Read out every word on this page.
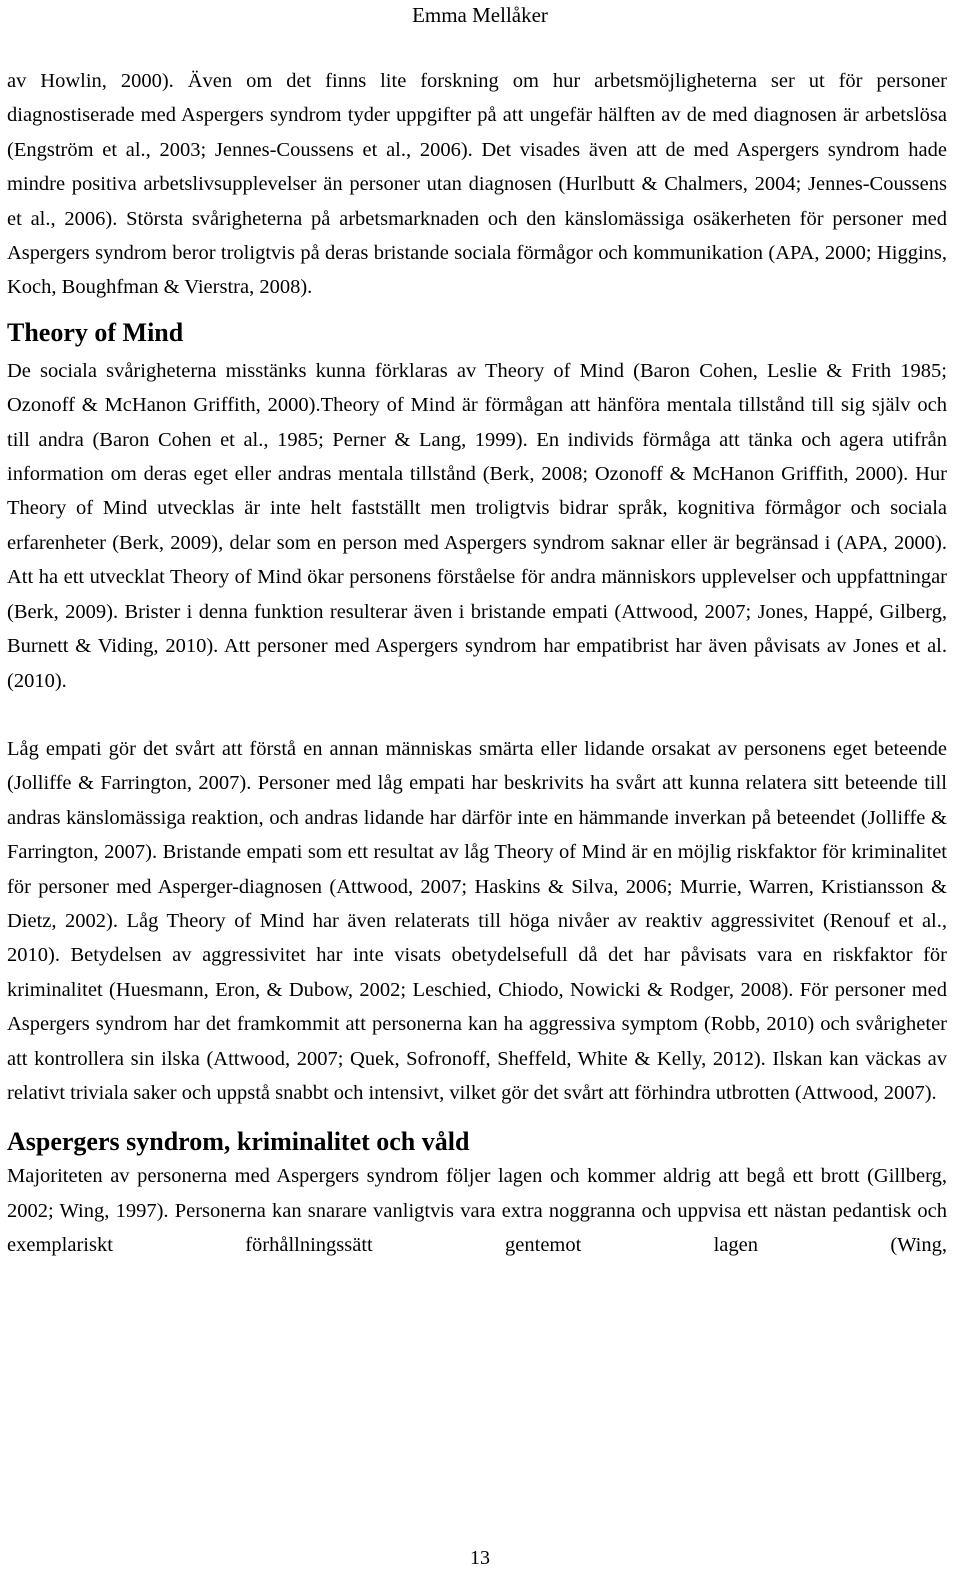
Emma Mellåker

av Howlin, 2000). Även om det finns lite forskning om hur arbetsmöjligheterna ser ut för personer diagnostiserade med Aspergers syndrom tyder uppgifter på att ungefär hälften av de med diagnosen är arbetslösa (Engström et al., 2003; Jennes-Coussens et al., 2006). Det visades även att de med Aspergers syndrom hade mindre positiva arbetslivsupplevelser än personer utan diagnosen (Hurlbutt & Chalmers, 2004; Jennes-Coussens et al., 2006). Största svårigheterna på arbetsmarknaden och den känslomässiga osäkerheten för personer med Aspergers syndrom beror troligtvis på deras bristande sociala förmågor och kommunikation (APA, 2000; Higgins, Koch, Boughfman & Vierstra, 2008).

Theory of Mind

De sociala svårigheterna misstänks kunna förklaras av Theory of Mind (Baron Cohen, Leslie & Frith 1985; Ozonoff & McHanon Griffith, 2000).Theory of Mind är förmågan att hänföra mentala tillstånd till sig själv och till andra (Baron Cohen et al., 1985; Perner & Lang, 1999). En individs förmåga att tänka och agera utifrån information om deras eget eller andras mentala tillstånd (Berk, 2008; Ozonoff & McHanon Griffith, 2000). Hur Theory of Mind utvecklas är inte helt fastställt men troligtvis bidrar språk, kognitiva förmågor och sociala erfarenheter (Berk, 2009), delar som en person med Aspergers syndrom saknar eller är begränsad i (APA, 2000). Att ha ett utvecklat Theory of Mind ökar personens förståelse för andra människors upplevelser och uppfattningar (Berk, 2009). Brister i denna funktion resulterar även i bristande empati (Attwood, 2007; Jones, Happé, Gilberg, Burnett & Viding, 2010). Att personer med Aspergers syndrom har empatibrist har även påvisats av Jones et al. (2010).

Låg empati gör det svårt att förstå en annan människas smärta eller lidande orsakat av personens eget beteende (Jolliffe & Farrington, 2007). Personer med låg empati har beskrivits ha svårt att kunna relatera sitt beteende till andras känslomässiga reaktion, och andras lidande har därför inte en hämmande inverkan på beteendet (Jolliffe & Farrington, 2007). Bristande empati som ett resultat av låg Theory of Mind är en möjlig riskfaktor för kriminalitet för personer med Asperger-diagnosen (Attwood, 2007; Haskins & Silva, 2006; Murrie, Warren, Kristiansson & Dietz, 2002). Låg Theory of Mind har även relaterats till höga nivåer av reaktiv aggressivitet (Renouf et al., 2010). Betydelsen av aggressivitet har inte visats obetydelsefull då det har påvisats vara en riskfaktor för kriminalitet (Huesmann, Eron, & Dubow, 2002; Leschied, Chiodo, Nowicki & Rodger, 2008). För personer med Aspergers syndrom har det framkommit att personerna kan ha aggressiva symptom (Robb, 2010) och svårigheter att kontrollera sin ilska (Attwood, 2007; Quek, Sofronoff, Sheffeld, White & Kelly, 2012). Ilskan kan väckas av relativt triviala saker och uppstå snabbt och intensivt, vilket gör det svårt att förhindra utbrotten (Attwood, 2007).

Aspergers syndrom, kriminalitet och våld

Majoriteten av personerna med Aspergers syndrom följer lagen och kommer aldrig att begå ett brott (Gillberg, 2002; Wing, 1997). Personerna kan snarare vanligtvis vara extra noggranna och uppvisa ett nästan pedantisk och exemplariskt förhållningssätt gentemot lagen (Wing,

13
